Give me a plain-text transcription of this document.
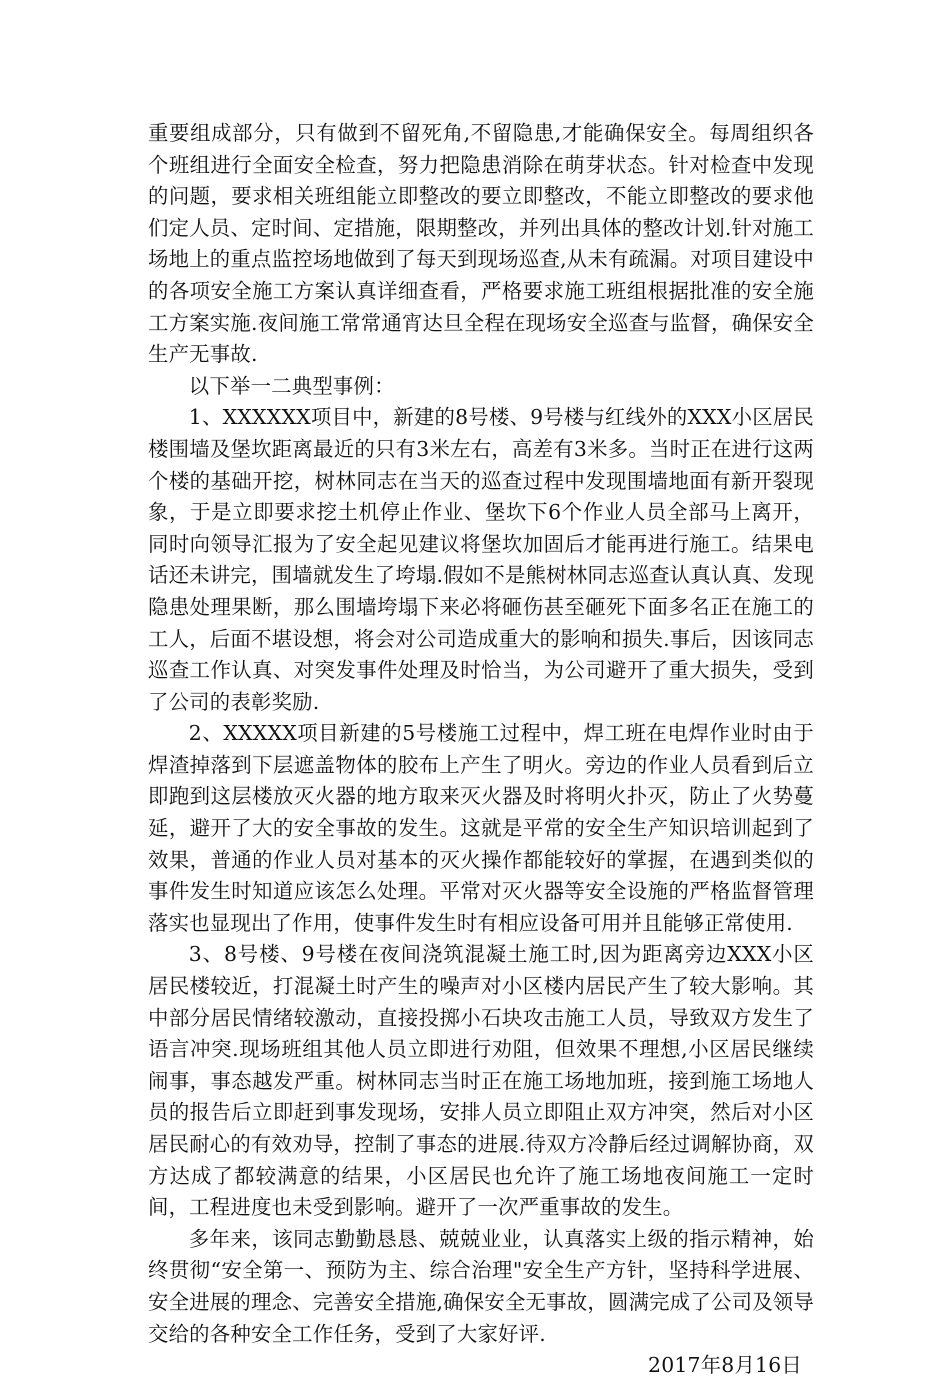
重要组成部分，只有做到不留死角,不留隐患,才能确保安全。每周组织各个班组进行全面安全检查，努力把隐患消除在萌芽状态。针对检查中发现的问题，要求相关班组能立即整改的要立即整改，不能立即整改的要求他们定人员、定时间、定措施，限期整改，并列出具体的整改计划.针对施工场地上的重点监控场地做到了每天到现场巡查,从未有疏漏。对项目建设中的各项安全施工方案认真详细查看，严格要求施工班组根据批准的安全施工方案实施.夜间施工常常通宵达旦全程在现场安全巡查与监督，确保安全生产无事故.

以下举一二典型事例：

1、XXXXXX项目中，新建的8号楼、9号楼与红线外的XXX小区居民楼围墙及堡坎距离最近的只有3米左右，高差有3米多。当时正在进行这两个楼的基础开挖，树林同志在当天的巡查过程中发现围墙地面有新开裂现象，于是立即要求挖土机停止作业、堡坎下6个作业人员全部马上离开，同时向领导汇报为了安全起见建议将堡坎加固后才能再进行施工。结果电话还未讲完，围墙就发生了垮塌.假如不是熊树林同志巡查认真认真、发现隐患处理果断，那么围墙垮塌下来必将砸伤甚至砸死下面多名正在施工的工人，后面不堪设想，将会对公司造成重大的影响和损失.事后，因该同志巡查工作认真、对突发事件处理及时恰当，为公司避开了重大损失，受到了公司的表彰奖励.

2、XXXXX项目新建的5号楼施工过程中，焊工班在电焊作业时由于焊渣掉落到下层遮盖物体的胶布上产生了明火。旁边的作业人员看到后立即跑到这层楼放灭火器的地方取来灭火器及时将明火扑灭，防止了火势蔓延，避开了大的安全事故的发生。这就是平常的安全生产知识培训起到了效果，普通的作业人员对基本的灭火操作都能较好的掌握，在遇到类似的事件发生时知道应该怎么处理。平常对灭火器等安全设施的严格监督管理落实也显现出了作用，使事件发生时有相应设备可用并且能够正常使用.

3、8号楼、9号楼在夜间浇筑混凝土施工时,因为距离旁边XXX小区居民楼较近，打混凝土时产生的噪声对小区楼内居民产生了较大影响。其中部分居民情绪较激动，直接投掷小石块攻击施工人员，导致双方发生了语言冲突.现场班组其他人员立即进行劝阻，但效果不理想,小区居民继续闹事，事态越发严重。树林同志当时正在施工场地加班，接到施工场地人员的报告后立即赶到事发现场，安排人员立即阻止双方冲突，然后对小区居民耐心的有效劝导，控制了事态的进展.待双方冷静后经过调解协商，双方达成了都较满意的结果，小区居民也允许了施工场地夜间施工一定时间，工程进度也未受到影响。避开了一次严重事故的发生。

多年来，该同志勤勤恳恳、兢兢业业，认真落实上级的指示精神，始终贯彻“安全第一、预防为主、综合治理"安全生产方针，坚持科学进展、安全进展的理念、完善安全措施,确保安全无事故，圆满完成了公司及领导交给的各种安全工作任务，受到了大家好评.

2017年8月16日
